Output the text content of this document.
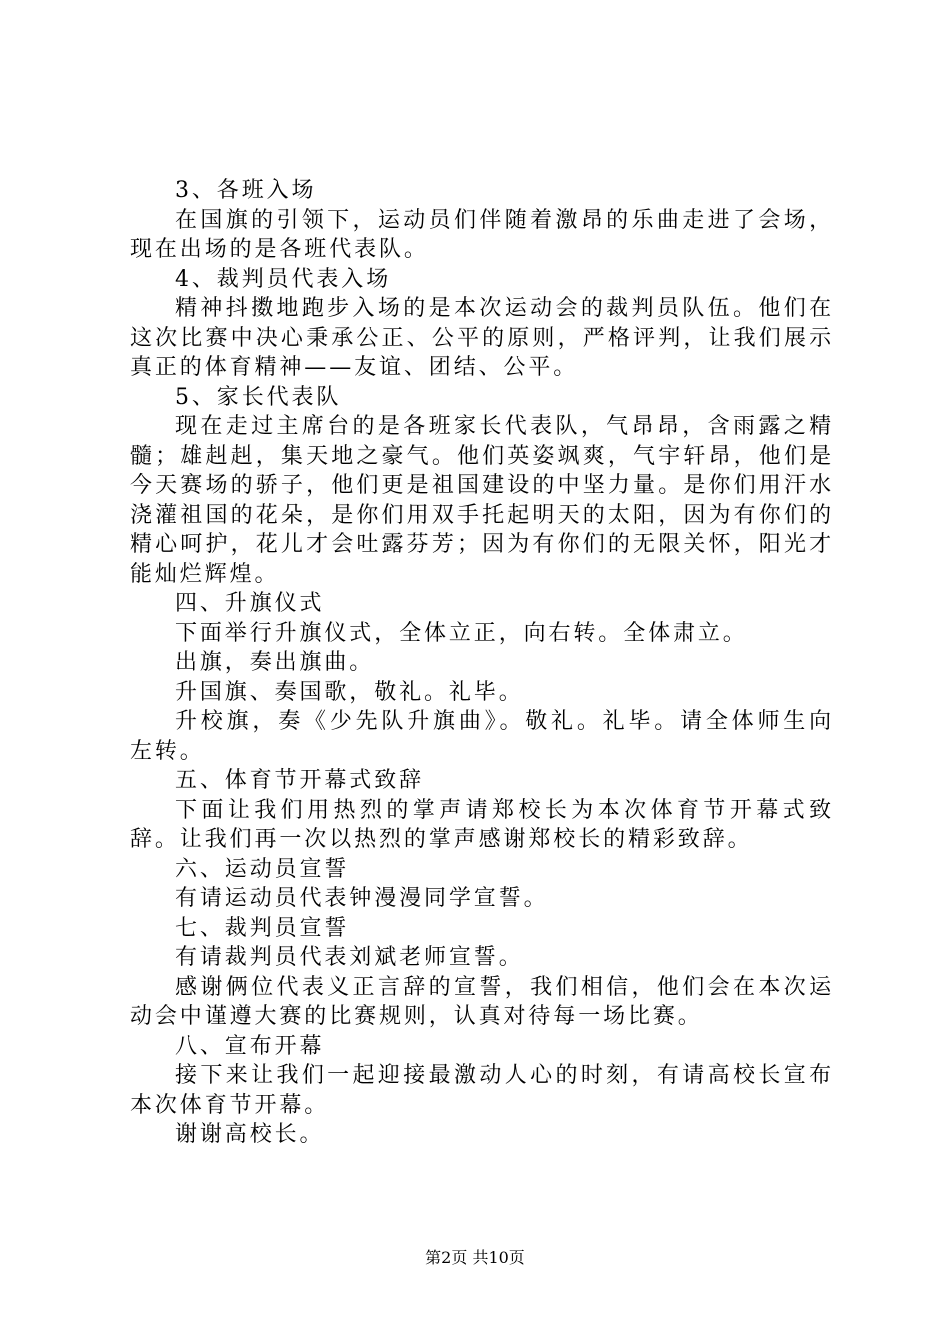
3、各班入场

在国旗的引领下，运动员们伴随着激昂的乐曲走进了会场，现在出场的是各班代表队。

4、裁判员代表入场

精神抖擞地跑步入场的是本次运动会的裁判员队伍。他们在这次比赛中决心秉承公正、公平的原则，严格评判，让我们展示真正的体育精神——友谊、团结、公平。

5、家长代表队

现在走过主席台的是各班家长代表队，气昂昂，含雨露之精髓；雄赳赳，集天地之豪气。他们英姿飒爽，气宇轩昂，他们是今天赛场的骄子，他们更是祖国建设的中坚力量。是你们用汗水浇灌祖国的花朵，是你们用双手托起明天的太阳，因为有你们的精心呵护，花儿才会吐露芬芳；因为有你们的无限关怀，阳光才能灿烂辉煌。

四、升旗仪式

下面举行升旗仪式，全体立正，向右转。全体肃立。

出旗，奏出旗曲。

升国旗、奏国歌，敬礼。礼毕。

升校旗，奏《少先队升旗曲》。敬礼。礼毕。请全体师生向左转。

五、体育节开幕式致辞

下面让我们用热烈的掌声请郑校长为本次体育节开幕式致辞。让我们再一次以热烈的掌声感谢郑校长的精彩致辞。

六、运动员宣誓

有请运动员代表钟漫漫同学宣誓。

七、裁判员宣誓

有请裁判员代表刘斌老师宣誓。

感谢俩位代表义正言辞的宣誓，我们相信，他们会在本次运动会中谨遵大赛的比赛规则，认真对待每一场比赛。

八、宣布开幕

接下来让我们一起迎接最激动人心的时刻，有请高校长宣布本次体育节开幕。

谢谢高校长。

第2页 共10页
